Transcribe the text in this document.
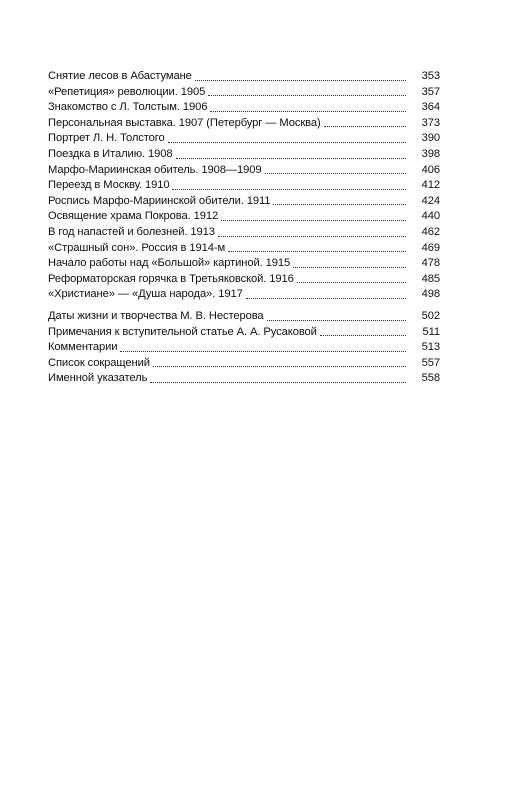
Снятие лесов в Абастумане	353
«Репетиция» революции. 1905	357
Знакомство с Л. Толстым. 1906	364
Персональная выставка. 1907 (Петербург — Москва)	373
Портрет Л. Н. Толстого	390
Поездка в Италию. 1908	398
Марфо-Мариинская обитель. 1908—1909	406
Переезд в Москву. 1910	412
Роспись Марфо-Мариинской обители. 1911	424
Освящение храма Покрова. 1912	440
В год напастей и болезней. 1913	462
«Страшный сон». Россия в 1914-м	469
Начало работы над «Большой» картиной. 1915	478
Реформаторская горячка в Третьяковской. 1916	485
«Христиане» — «Душа народа». 1917	498
Даты жизни и творчества М. В. Нестерова	502
Примечания к вступительной статье А. А. Русаковой	511
Комментарии	513
Список сокращений	557
Именной указатель	558
